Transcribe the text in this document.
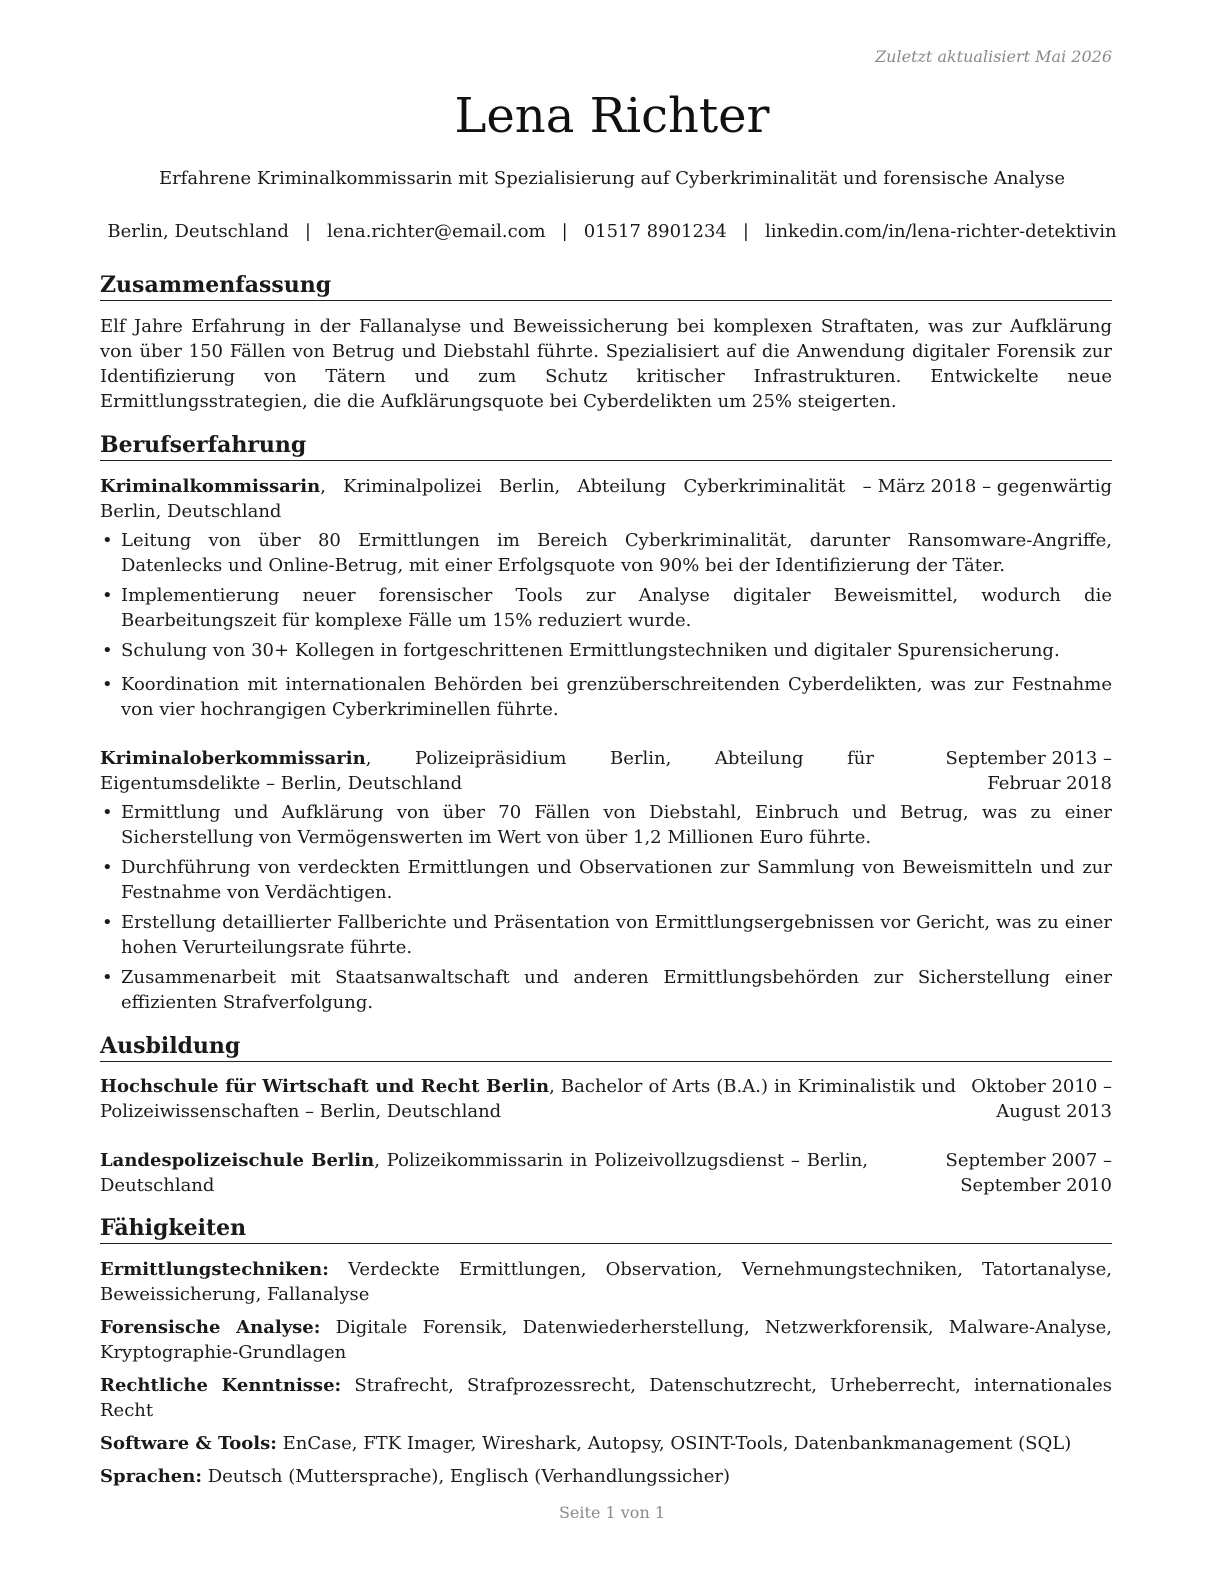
Zuletzt aktualisiert Mai 2026
Lena Richter
Erfahrene Kriminalkommissarin mit Spezialisierung auf Cyberkriminalität und forensische Analyse
Berlin, Deutschland | lena.richter@email.com | 01517 8901234 | linkedin.com/in/lena-richter-detektivin
Zusammenfassung

Elf Jahre Erfahrung in der Fallanalyse und Beweissicherung bei komplexen Straftaten, was zur Aufklärung von über 150 Fällen von Betrug und Diebstahl führte. Spezialisiert auf die Anwendung digitaler Forensik zur Identifizierung von Tätern und zum Schutz kritischer Infrastrukturen. Entwickelte neue Ermittlungsstrategien, die die Aufklärungsquote bei Cyberdelikten um 25% steigerten.

Berufserfahrung
Kriminalkommissarin, Kriminalpolizei Berlin, Abteilung Cyberkriminalität – Berlin, Deutschland
März 2018 – gegenwärtig
• Leitung von über 80 Ermittlungen im Bereich Cyberkriminalität, darunter Ransomware-Angriffe, Datenlecks und Online-Betrug, mit einer Erfolgsquote von 90% bei der Identifizierung der Täter.
• Implementierung neuer forensischer Tools zur Analyse digitaler Beweismittel, wodurch die Bearbeitungszeit für komplexe Fälle um 15% reduziert wurde.
• Schulung von 30+ Kollegen in fortgeschrittenen Ermittlungstechniken und digitaler Spurensicherung.
• Koordination mit internationalen Behörden bei grenzüberschreitenden Cyberdelikten, was zur Festnahme von vier hochrangigen Cyberkriminellen führte.
Kriminaloberkommissarin, Polizeipräsidium Berlin, Abteilung für Eigentumsdelikte – Berlin, Deutschland
September 2013 – Februar 2018
• Ermittlung und Aufklärung von über 70 Fällen von Diebstahl, Einbruch und Betrug, was zu einer Sicherstellung von Vermögenswerten im Wert von über 1,2 Millionen Euro führte.
• Durchführung von verdeckten Ermittlungen und Observationen zur Sammlung von Beweismitteln und zur Festnahme von Verdächtigen.
• Erstellung detaillierter Fallberichte und Präsentation von Ermittlungsergebnissen vor Gericht, was zu einer hohen Verurteilungsrate führte.
• Zusammenarbeit mit Staatsanwaltschaft und anderen Ermittlungsbehörden zur Sicherstellung einer effizienten Strafverfolgung.
Ausbildung
Hochschule für Wirtschaft und Recht Berlin, Bachelor of Arts (B.A.) in Kriminalistik und Polizeiwissenschaften – Berlin, Deutschland
Oktober 2010 – August 2013
Landespolizeischule Berlin, Polizeikommissarin in Polizeivollzugsdienst – Berlin, Deutschland
September 2007 – September 2010
Fähigkeiten

Ermittlungstechniken: Verdeckte Ermittlungen, Observation, Vernehmungstechniken, Tatortanalyse, Beweissicherung, Fallanalyse

Forensische Analyse: Digitale Forensik, Datenwiederherstellung, Netzwerkforensik, Malware-Analyse, Kryptographie-Grundlagen

Rechtliche Kenntnisse: Strafrecht, Strafprozessrecht, Datenschutzrecht, Urheberrecht, internationales Recht

Software & Tools: EnCase, FTK Imager, Wireshark, Autopsy, OSINT-Tools, Datenbankmanagement (SQL)

Sprachen: Deutsch (Muttersprache), Englisch (Verhandlungssicher)

Seite 1 von 1
